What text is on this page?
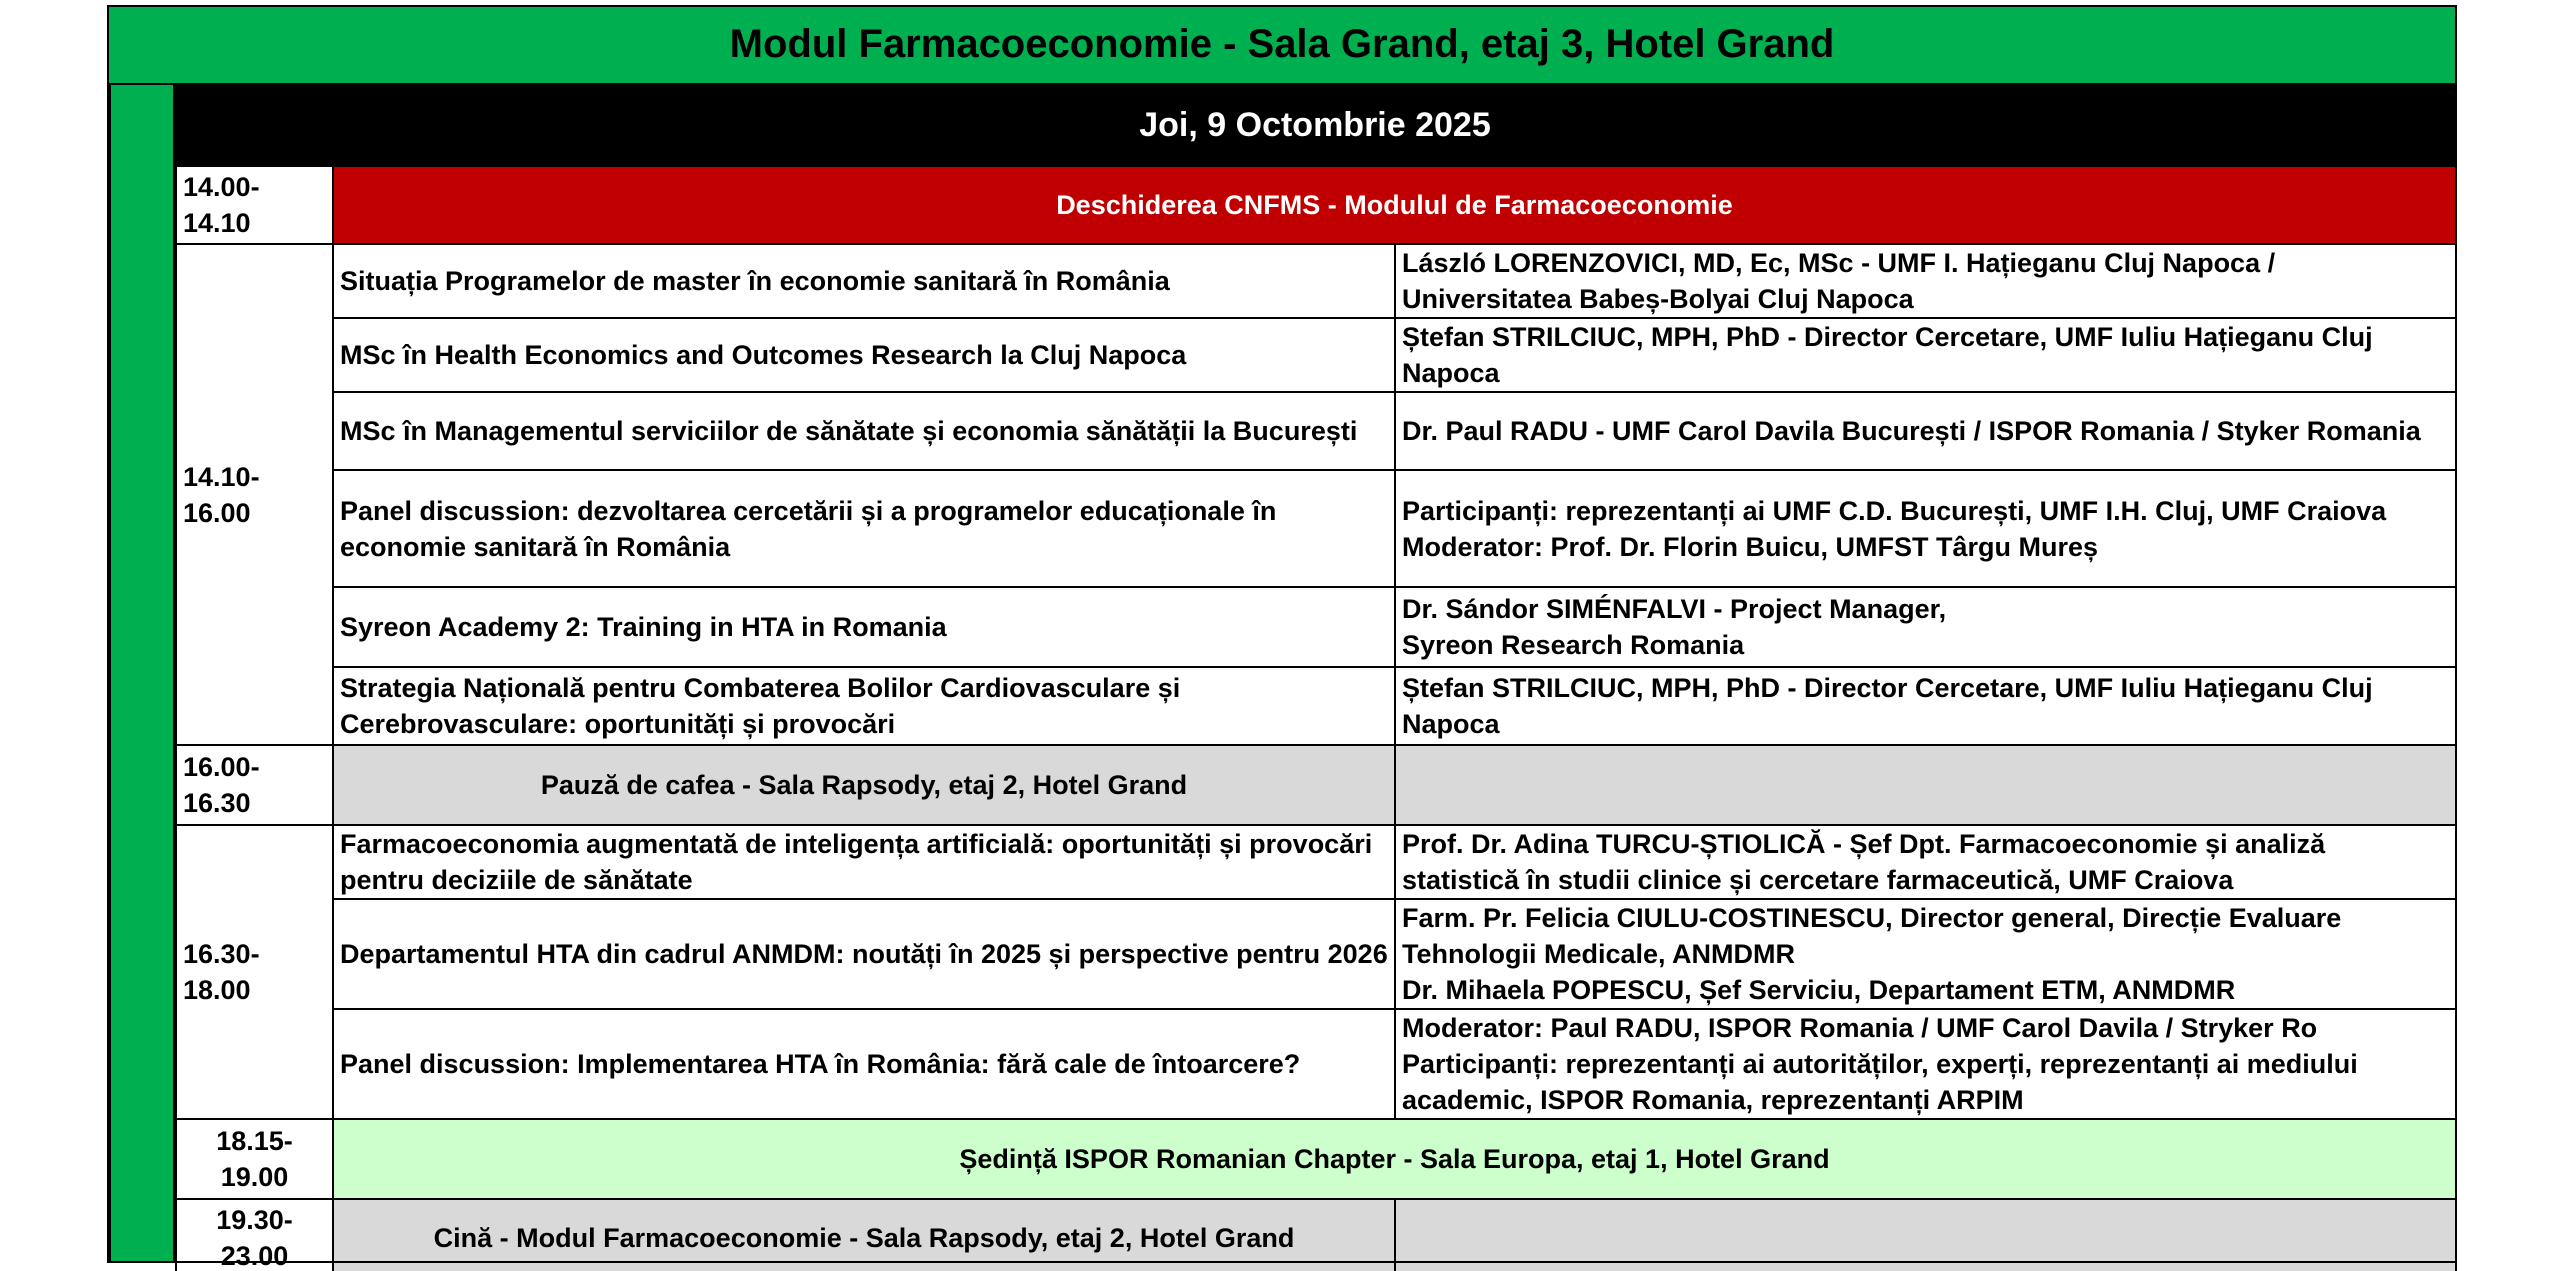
Modul Farmacoeconomie - Sala Grand, etaj 3, Hotel Grand
Joi, 9 Octombrie 2025
14.00-
14.10	Deschiderea CNFMS - Modulul de Farmacoeconomie	
14.10-
16.00	Situația Programelor de master în economie sanitară în România	László LORENZOVICI, MD, Ec, MSc - UMF I. Hațieganu Cluj Napoca / Universitatea Babeș-Bolyai Cluj Napoca
	MSc în Health Economics and Outcomes Research la Cluj Napoca	Ștefan STRILCIUC, MPH, PhD - Director Cercetare, UMF Iuliu Hațieganu Cluj Napoca
	MSc în Managementul serviciilor de sănătate și economia sănătății la București	Dr. Paul RADU - UMF Carol Davila București / ISPOR Romania / Styker Romania
	Panel discussion: dezvoltarea cercetării și a programelor educaționale în economie sanitară în România	Participanți: reprezentanți ai UMF C.D. București, UMF I.H. Cluj, UMF Craiova
Moderator: Prof. Dr. Florin Buicu, UMFST Târgu Mureș
	Syreon Academy 2: Training in HTA in Romania	Dr. Sándor SIMÉNFALVI - Project Manager,
Syreon Research Romania
	Strategia Națională pentru Combaterea Bolilor Cardiovasculare și Cerebrovasculare: oportunități și provocări	Ștefan STRILCIUC, MPH, PhD - Director Cercetare, UMF Iuliu Hațieganu Cluj Napoca
16.00-
16.30	Pauză de cafea - Sala Rapsody, etaj 2, Hotel Grand	
16.30-
18.00	Farmacoeconomia augmentată de inteligența artificială: oportunități și provocări pentru deciziile de sănătate	Prof. Dr. Adina TURCU-ȘTIOLICĂ - Șef Dpt. Farmacoeconomie și analiză statistică în studii clinice și cercetare farmaceutică, UMF Craiova
	Departamentul HTA din cadrul ANMDM: noutăți în 2025 și perspective pentru 2026	Farm. Pr. Felicia CIULU-COSTINESCU, Director general, Direcție Evaluare Tehnologii Medicale, ANMDMR
Dr. Mihaela POPESCU, Șef Serviciu, Departament ETM, ANMDMR
	Panel discussion: Implementarea HTA în România: fără cale de întoarcere?	Moderator: Paul RADU, ISPOR Romania / UMF Carol Davila / Stryker Ro
Participanți: reprezentanți ai autorităților, experți, reprezentanți ai mediului academic, ISPOR Romania, reprezentanți ARPIM
18.15-
19.00	Ședință ISPOR Romanian Chapter - Sala Europa, etaj 1, Hotel Grand	
19.30-
23.00	Cină - Modul Farmacoeconomie - Sala Rapsody, etaj 2, Hotel Grand	
